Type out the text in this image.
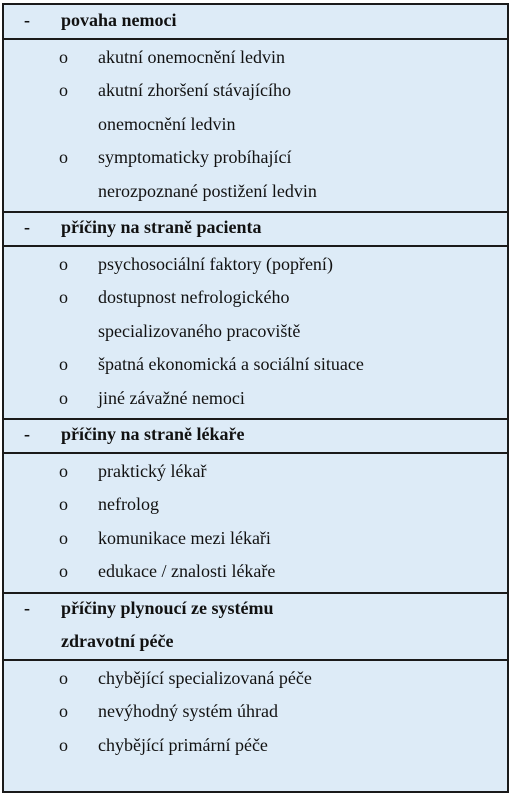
- povaha nemoci
o akutní onemocnění ledvin
o akutní zhoršení stávajícího
onemocnění ledvin
o symptomaticky probíhající
nerozpoznané postižení ledvin
- příčiny na straně pacienta
o psychosociální faktory (popření)
o dostupnost nefrologického
specializovaného pracoviště
o špatná ekonomická a sociální situace
o jiné závažné nemoci
- příčiny na straně lékaře
o praktický lékař
o nefrolog
o komunikace mezi lékaři
o edukace / znalosti lékaře
- příčiny plynoucí ze systému
zdravotní péče
o chybějící specializovaná péče
o nevýhodný systém úhrad
o chybějící primární péče
